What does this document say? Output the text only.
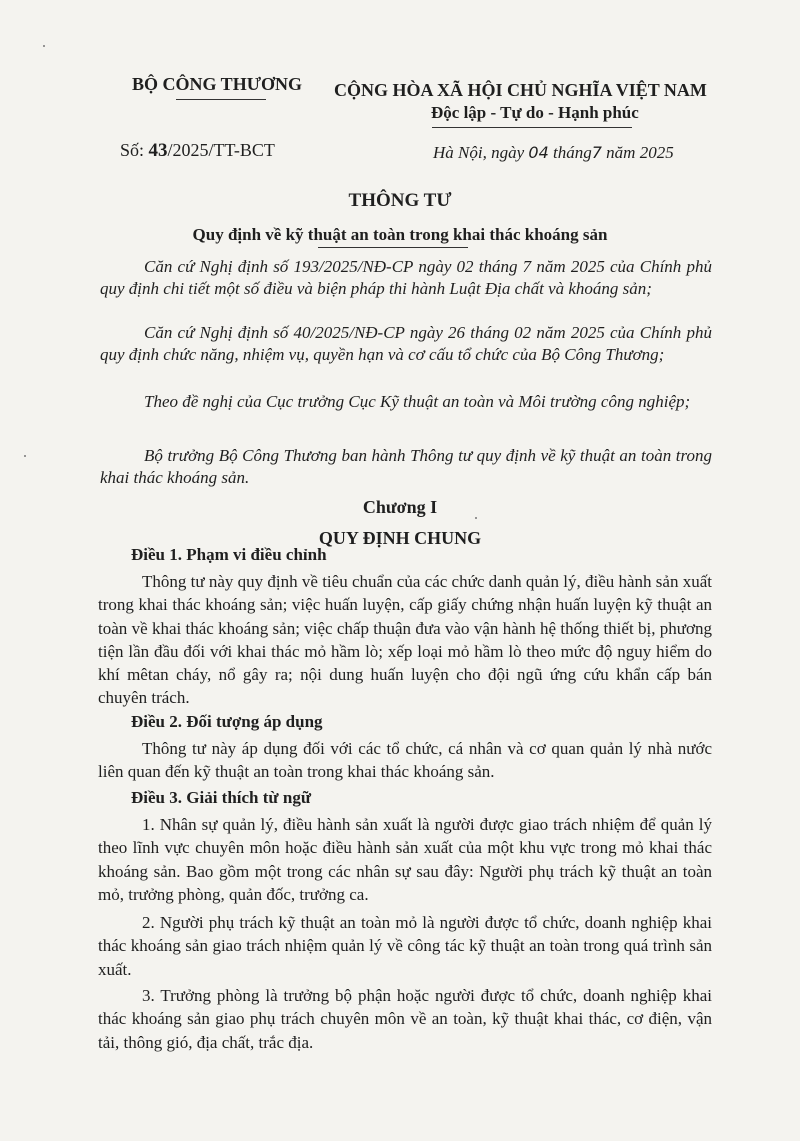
BỘ CÔNG THƯƠNG CỘNG HÒA XÃ HỘI CHỦ NGHĨA VIỆT NAM
Độc lập - Tự do - Hạnh phúc
Số: 43/2025/TT-BCT	Hà Nội, ngày 04 tháng7 năm 2025
THÔNG TƯ
Quy định về kỹ thuật an toàn trong khai thác khoáng sản

Căn cứ Nghị định số 193/2025/NĐ-CP ngày 02 tháng 7 năm 2025 của Chính phủ quy định chi tiết một số điều và biện pháp thi hành Luật Địa chất và khoáng sản;

Căn cứ Nghị định số 40/2025/NĐ-CP ngày 26 tháng 02 năm 2025 của Chính phủ quy định chức năng, nhiệm vụ, quyền hạn và cơ cấu tổ chức của Bộ Công Thương;

Theo đề nghị của Cục trưởng Cục Kỹ thuật an toàn và Môi trường công nghiệp;

Bộ trưởng Bộ Công Thương ban hành Thông tư quy định về kỹ thuật an toàn trong khai thác khoáng sản.

Chương I
QUY ĐỊNH CHUNG
Điều 1. Phạm vi điều chỉnh

Thông tư này quy định về tiêu chuẩn của các chức danh quản lý, điều hành sản xuất trong khai thác khoáng sản; việc huấn luyện, cấp giấy chứng nhận huấn luyện kỹ thuật an toàn về khai thác khoáng sản; việc chấp thuận đưa vào vận hành hệ thống thiết bị, phương tiện lần đầu đối với khai thác mỏ hầm lò; xếp loại mỏ hầm lò theo mức độ nguy hiểm do khí mêtan cháy, nổ gây ra; nội dung huấn luyện cho đội ngũ ứng cứu khẩn cấp bán chuyên trách.

Điều 2. Đối tượng áp dụng

Thông tư này áp dụng đối với các tổ chức, cá nhân và cơ quan quản lý nhà nước liên quan đến kỹ thuật an toàn trong khai thác khoáng sản.

Điều 3. Giải thích từ ngữ

1. Nhân sự quản lý, điều hành sản xuất là người được giao trách nhiệm để quản lý theo lĩnh vực chuyên môn hoặc điều hành sản xuất của một khu vực trong mỏ khai thác khoáng sản. Bao gồm một trong các nhân sự sau đây: Người phụ trách kỹ thuật an toàn mỏ, trưởng phòng, quản đốc, trưởng ca.

2. Người phụ trách kỹ thuật an toàn mỏ là người được tổ chức, doanh nghiệp khai thác khoáng sản giao trách nhiệm quản lý về công tác kỹ thuật an toàn trong quá trình sản xuất.

3. Trưởng phòng là trưởng bộ phận hoặc người được tổ chức, doanh nghiệp khai thác khoáng sản giao phụ trách chuyên môn về an toàn, kỹ thuật khai thác, cơ điện, vận tải, thông gió, địa chất, trắc địa.
